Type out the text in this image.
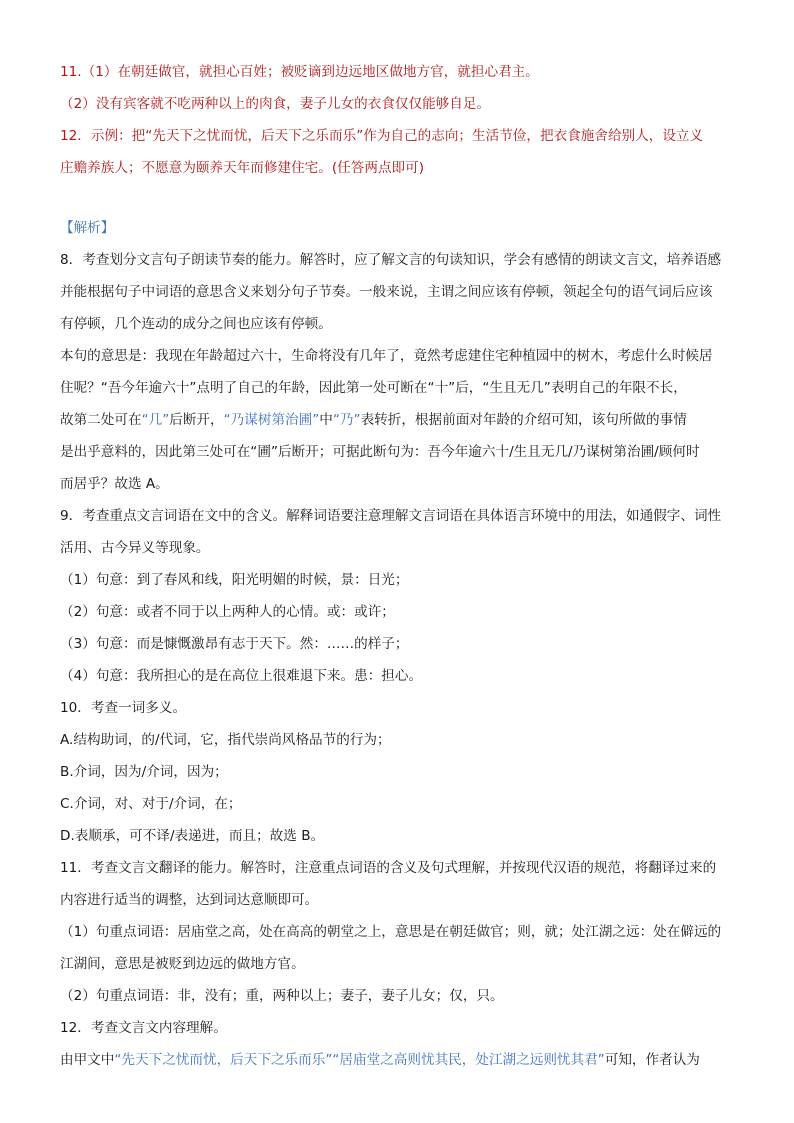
11.（1）在朝廷做官，就担心百姓；被贬谪到边远地区做地方官，就担心君主。
（2）没有宾客就不吃两种以上的肉食，妻子儿女的衣食仅仅能够自足。
12．示例：把“先天下之忧而忧，后天下之乐而乐”作为自己的志向；生活节俭，把衣食施舍给别人，设立义
庄赡养族人；不愿意为颐养天年而修建住宅。(任答两点即可)
【解析】
8．考查划分文言句子朗读节奏的能力。解答时，应了解文言的句读知识，学会有感情的朗读文言文，培养语感
并能根据句子中词语的意思含义来划分句子节奏。一般来说，主谓之间应该有停顿，领起全句的语气词后应该
有停顿，几个连动的成分之间也应该有停顿。
本句的意思是：我现在年龄超过六十，生命将没有几年了，竟然考虑建住宅种植园中的树木，考虑什么时候居
住呢？“吾今年逾六十”点明了自己的年龄，因此第一处可断在“十”后，“生且无几”表明自己的年限不长，
故第二处可在“几”后断开，“乃谋树第治圃”中“乃”表转折，根据前面对年龄的介绍可知，该句所做的事情
是出乎意料的，因此第三处可在“圃”后断开；可据此断句为：吾今年逾六十/生且无几/乃谋树第治圃/顾何时
而居乎？故选 A。
9．考查重点文言词语在文中的含义。解释词语要注意理解文言词语在具体语言环境中的用法，如通假字、词性
活用、古今异义等现象。
（1）句意：到了春风和线，阳光明媚的时候，景：日光；
（2）句意：或者不同于以上两种人的心情。或：或许；
（3）句意：而是慷慨激昂有志于天下。然：……的样子；
（4）句意：我所担心的是在高位上很难退下来。患：担心。
10．考查一词多义。
A.结构助词，的/代词，它，指代崇尚风格品节的行为；
B.介词，因为/介词，因为；
C.介词，对、对于/介词，在；
D.表顺承，可不译/表递进，而且；故选 B。
11．考查文言文翻译的能力。解答时，注意重点词语的含义及句式理解，并按现代汉语的规范，将翻译过来的
内容进行适当的调整，达到词达意顺即可。
（1）句重点词语：居庙堂之高，处在高高的朝堂之上，意思是在朝廷做官；则，就；处江湖之远：处在僻远的
江湖间，意思是被贬到边远的做地方官。
（2）句重点词语：非，没有；重，两种以上；妻子，妻子儿女；仅，只。
12．考查文言文内容理解。
由甲文中“先天下之忧而忧，后天下之乐而乐”“居庙堂之高则忧其民，处江湖之远则忧其君”可知，作者认为
